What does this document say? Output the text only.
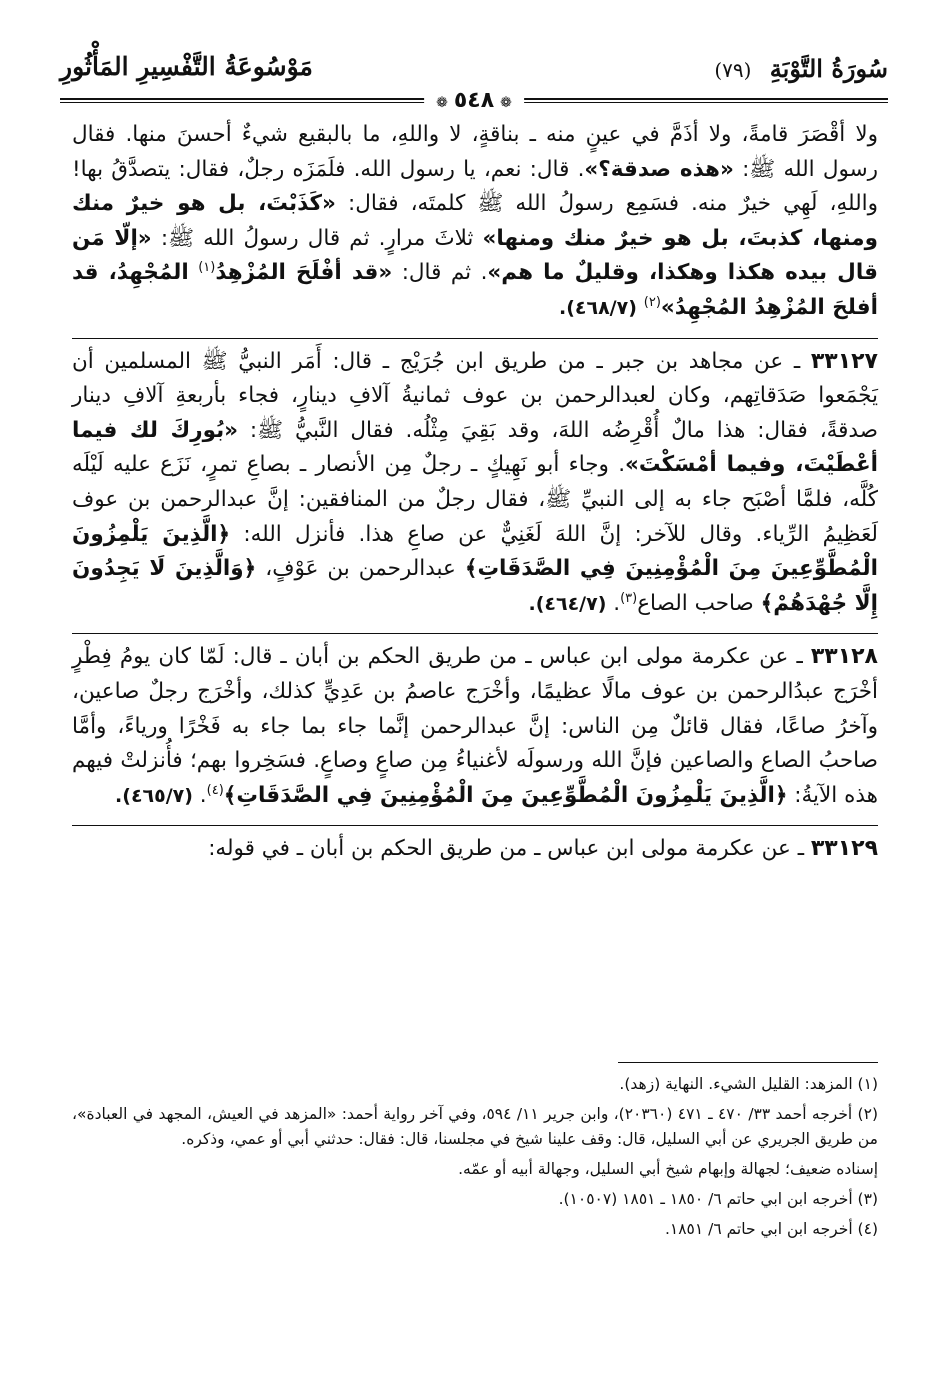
سُورَةُ التَّوْبَةِ (٧٩)
مَوْسُوعَةُ التَّفْسِيرِ المَأْثُورِ
❁٥٤٨❁

ولا أقْصَرَ قامةً، ولا أذَمَّ في عينٍ منه ـ بناقةٍ، لا واللهِ، ما بالبقيع شيءٌ أحسنَ منها. فقال رسول الله ﷺ: «هذه صدقة؟». قال: نعم، يا رسول الله. فلَمَزَه رجلٌ، فقال: يتصدَّقُ بها! واللهِ، لَهِي خيرٌ منه. فسَمِع رسولُ الله ﷺ كلمتَه، فقال: «كَذَبْتَ، بل هو خيرٌ منك ومنها، كذبتَ، بل هو خيرٌ منك ومنها» ثلاثَ مرارٍ. ثم قال رسولُ الله ﷺ: «إلّا مَن قال بيده هكذا وهكذا، وقليلٌ ما هم». ثم قال: «قد أفْلَحَ المُزْهِدُ$^{(١)}$ المُجْهِدُ، قد أفلحَ المُزْهِدُ المُجْهِدُ»$^{(٢)}$ (٤٦٨/٧).

٣٣١٢٧ ـ عن مجاهد بن جبر ـ من طريق ابن جُرَيْج ـ قال: أَمَر النبيُّ ﷺ المسلمين أن يَجْمَعوا صَدَقاتِهم، وكان لعبدالرحمن بن عوف ثمانيةُ آلافِ دينارٍ، فجاء بأربعةِ آلافِ دينار صدقةً، فقال: هذا مالٌ أُقْرِضُه اللهَ، وقد بَقِيَ مِثْلُه. فقال النَّبيُّ ﷺ: «بُورِكَ لك فيما أعْطَيْتَ، وفيما أمْسَكْتَ». وجاء أبو نَهِيكٍ ـ رجلٌ مِن الأنصار ـ بصاعِ تمرٍ، نَزَع عليه لَيْلَه كُلَّه، فلمَّا أصْبَح جاء به إلى النبيِّ ﷺ، فقال رجلٌ من المنافقين: إنَّ عبدالرحمن بن عوف لَعَظِيمُ الرِّياء. وقال للآخر: إنَّ اللهَ لَغَنِيٌّ عن صاعِ هذا. فأنزل الله: ﴿الَّذِينَ يَلْمِزُونَ الْمُطَّوِّعِينَ مِنَ الْمُؤْمِنِينَ فِي الصَّدَقَاتِ﴾ عبدالرحمن بن عَوْفٍ، ﴿وَالَّذِينَ لَا يَجِدُونَ إِلَّا جُهْدَهُمْ﴾ صاحب الصاع$^{(٣)}$. (٤٦٤/٧).

٣٣١٢٨ ـ عن عكرمة مولى ابن عباس ـ من طريق الحكم بن أبان ـ قال: لَمّا كان يومُ فِطْرٍ أخْرَج عبدُالرحمن بن عوف مالًا عظيمًا، وأخْرَج عاصمُ بن عَدِيٍّ كذلك، وأخْرَج رجلٌ صاعين، وآخرُ صاعًا، فقال قائلٌ مِن الناس: إنَّ عبدالرحمن إنَّما جاء بما جاء به فَخْرًا ورياءً، وأمَّا صاحبُ الصاع والصاعين فإنَّ الله ورسولَه لأغنياءُ مِن صاعٍ وصاعٍ. فسَخِروا بهم؛ فأُنزلتْ فيهم هذه الآيةُ: ﴿الَّذِينَ يَلْمِزُونَ الْمُطَّوِّعِينَ مِنَ الْمُؤْمِنِينَ فِي الصَّدَقَاتِ﴾$^{(٤)}$. (٤٦٥/٧).

٣٣١٢٩ ـ عن عكرمة مولى ابن عباس ـ من طريق الحكم بن أبان ـ في قوله:

(١) المزهد: القليل الشيء. النهاية (زهد).

(٢) أخرجه أحمد ٣٣/ ٤٧٠ ـ ٤٧١ (٢٠٣٦٠)، وابن جرير ١١/ ٥٩٤، وفي آخر رواية أحمد: «المزهد في العيش، المجهد في العبادة»، من طريق الجريري عن أبي السليل، قال: وقف علينا شيخ في مجلسنا، قال: فقال: حدثني أبي أو عمي، وذكره.

إسناده ضعيف؛ لجهالة وإبهام شيخ أبي السليل، وجهالة أبيه أو عمّه.

(٣) أخرجه ابن ابي حاتم ٦/ ١٨٥٠ ـ ١٨٥١ (١٠٥٠٧).

(٤) أخرجه ابن ابي حاتم ٦/ ١٨٥١.
